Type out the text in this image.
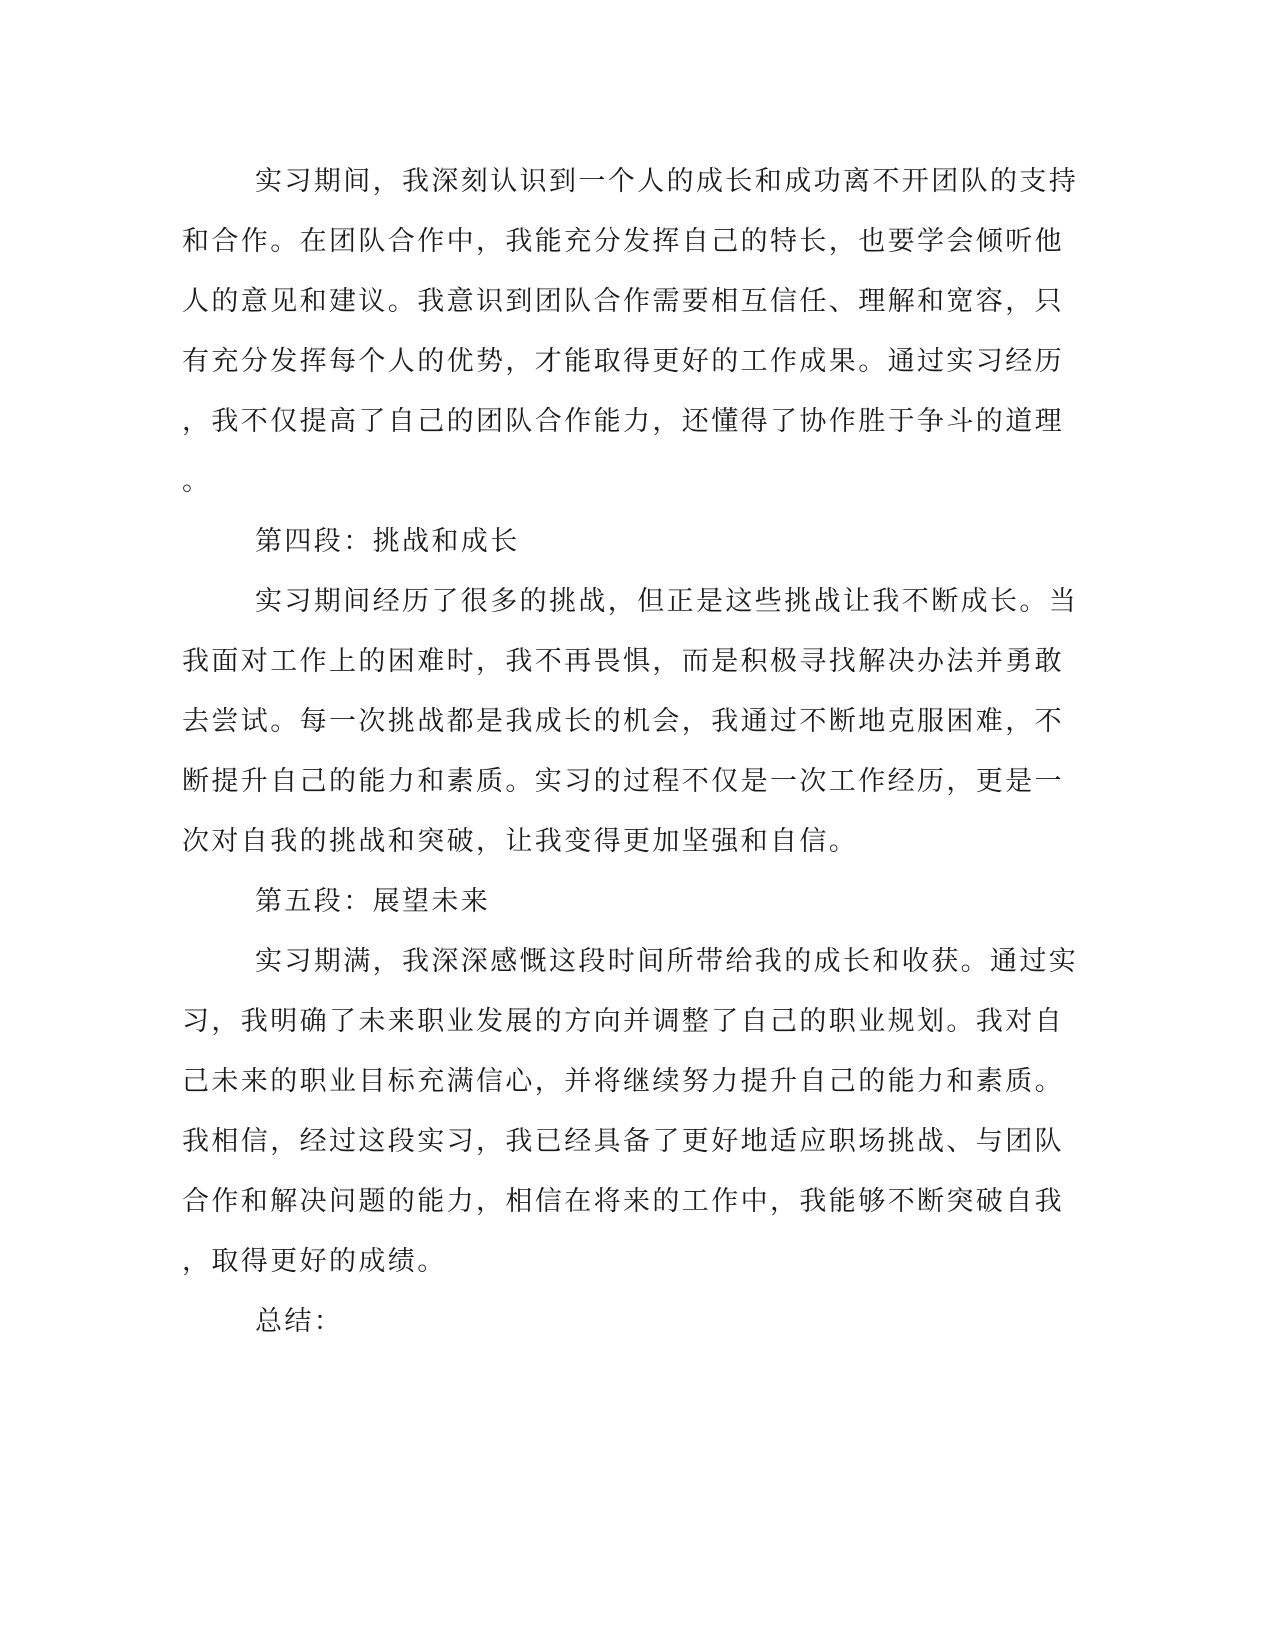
实习期间，我深刻认识到一个人的成长和成功离不开团队的支持
和合作。在团队合作中，我能充分发挥自己的特长，也要学会倾听他
人的意见和建议。我意识到团队合作需要相互信任、理解和宽容，只
有充分发挥每个人的优势，才能取得更好的工作成果。通过实习经历
，我不仅提高了自己的团队合作能力，还懂得了协作胜于争斗的道理
。
第四段：挑战和成长
实习期间经历了很多的挑战，但正是这些挑战让我不断成长。当
我面对工作上的困难时，我不再畏惧，而是积极寻找解决办法并勇敢
去尝试。每一次挑战都是我成长的机会，我通过不断地克服困难，不
断提升自己的能力和素质。实习的过程不仅是一次工作经历，更是一
次对自我的挑战和突破，让我变得更加坚强和自信。
第五段：展望未来
实习期满，我深深感慨这段时间所带给我的成长和收获。通过实
习，我明确了未来职业发展的方向并调整了自己的职业规划。我对自
己未来的职业目标充满信心，并将继续努力提升自己的能力和素质。
我相信，经过这段实习，我已经具备了更好地适应职场挑战、与团队
合作和解决问题的能力，相信在将来的工作中，我能够不断突破自我
，取得更好的成绩。
总结：
